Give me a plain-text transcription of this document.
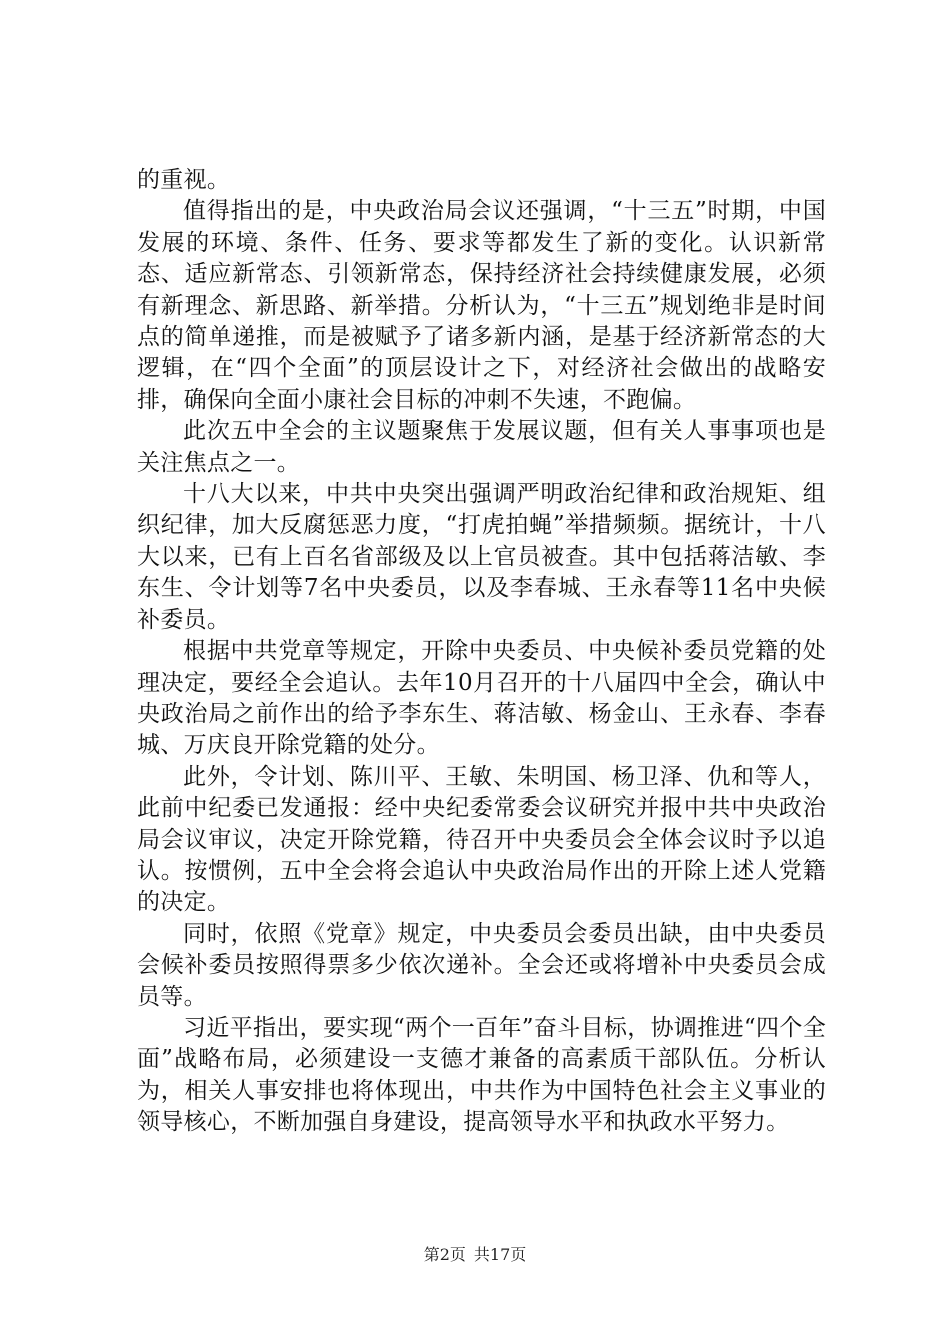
的重视。

值得指出的是，中央政治局会议还强调，“十三五”时期，中国发展的环境、条件、任务、要求等都发生了新的变化。认识新常态、适应新常态、引领新常态，保持经济社会持续健康发展，必须有新理念、新思路、新举措。分析认为，“十三五”规划绝非是时间点的简单递推，而是被赋予了诸多新内涵，是基于经济新常态的大逻辑，在“四个全面”的顶层设计之下，对经济社会做出的战略安排，确保向全面小康社会目标的冲刺不失速，不跑偏。

此次五中全会的主议题聚焦于发展议题，但有关人事事项也是关注焦点之一。

十八大以来，中共中央突出强调严明政治纪律和政治规矩、组织纪律，加大反腐惩恶力度，“打虎拍蝇”举措频频。据统计，十八大以来，已有上百名省部级及以上官员被查。其中包括蒋洁敏、李东生、令计划等7名中央委员，以及李春城、王永春等11名中央候补委员。

根据中共党章等规定，开除中央委员、中央候补委员党籍的处理决定，要经全会追认。去年10月召开的十八届四中全会，确认中央政治局之前作出的给予李东生、蒋洁敏、杨金山、王永春、李春城、万庆良开除党籍的处分。

此外，令计划、陈川平、王敏、朱明国、杨卫泽、仇和等人，此前中纪委已发通报：经中央纪委常委会议研究并报中共中央政治局会议审议，决定开除党籍，待召开中央委员会全体会议时予以追认。按惯例，五中全会将会追认中央政治局作出的开除上述人党籍的决定。

同时，依照《党章》规定，中央委员会委员出缺，由中央委员会候补委员按照得票多少依次递补。全会还或将增补中央委员会成员等。

习近平指出，要实现“两个一百年”奋斗目标，协调推进“四个全面”战略布局，必须建设一支德才兼备的高素质干部队伍。分析认为，相关人事安排也将体现出，中共作为中国特色社会主义事业的领导核心，不断加强自身建设，提高领导水平和执政水平努力。

第2页 共17页
